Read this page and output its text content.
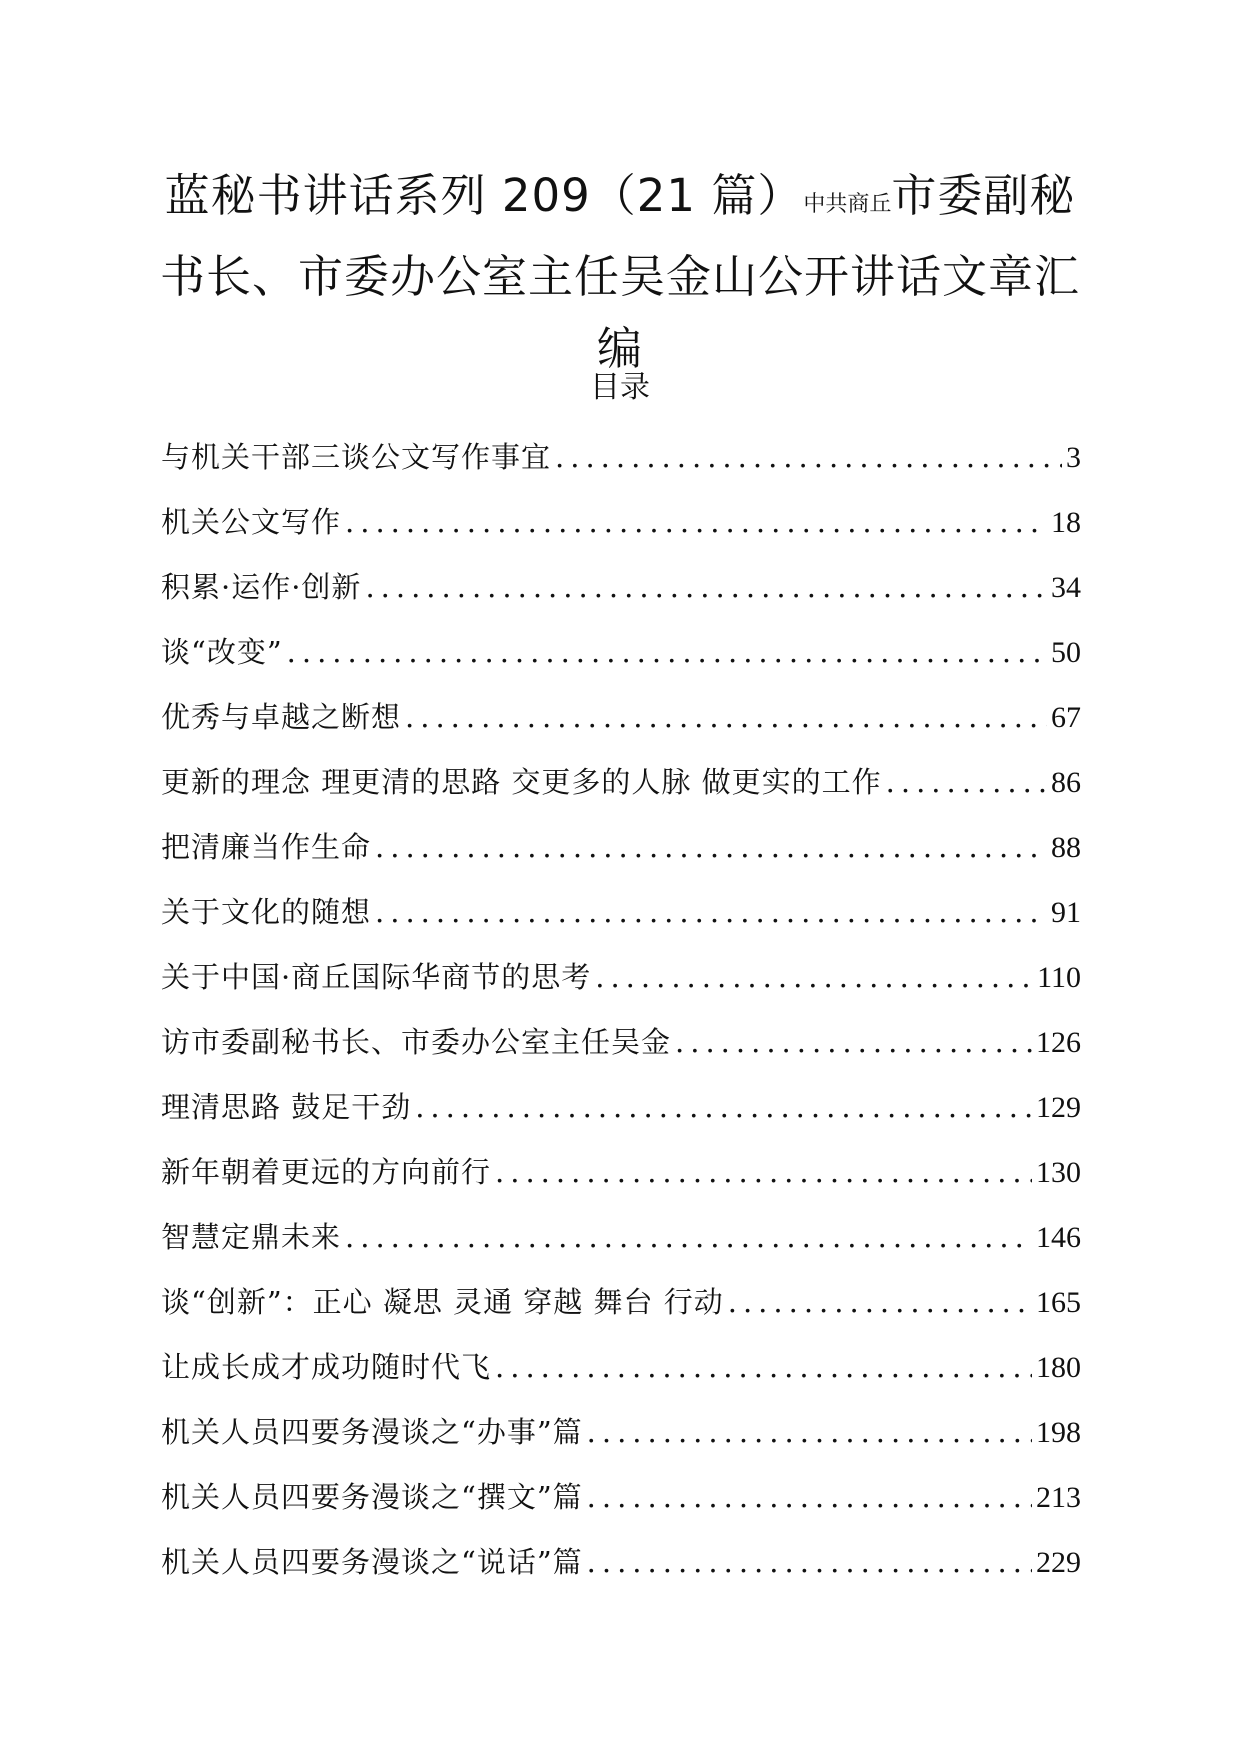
蓝秘书讲话系列 209（21 篇）中共商丘市委副秘书长、市委办公室主任吴金山公开讲话文章汇编
目录
与机关干部三谈公文写作事宜 .....	3
机关公文写作 .....	18
积累·运作·创新 .....	34
谈“改变” .....	50
优秀与卓越之断想 .....	67
更新的理念 理更清的思路 交更多的人脉 做更实的工作 .....	86
把清廉当作生命 .....	88
关于文化的随想 .....	91
关于中国·商丘国际华商节的思考 .....	110
访市委副秘书长、市委办公室主任吴金 .....	126
理清思路 鼓足干劲 .....	129
新年朝着更远的方向前行 .....	130
智慧定鼎未来 .....	146
谈“创新”：正心 凝思 灵通 穿越 舞台 行动 .....	165
让成长成才成功随时代飞 .....	180
机关人员四要务漫谈之“办事”篇 .....	198
机关人员四要务漫谈之“撰文”篇 .....	213
机关人员四要务漫谈之“说话”篇 .....	229
